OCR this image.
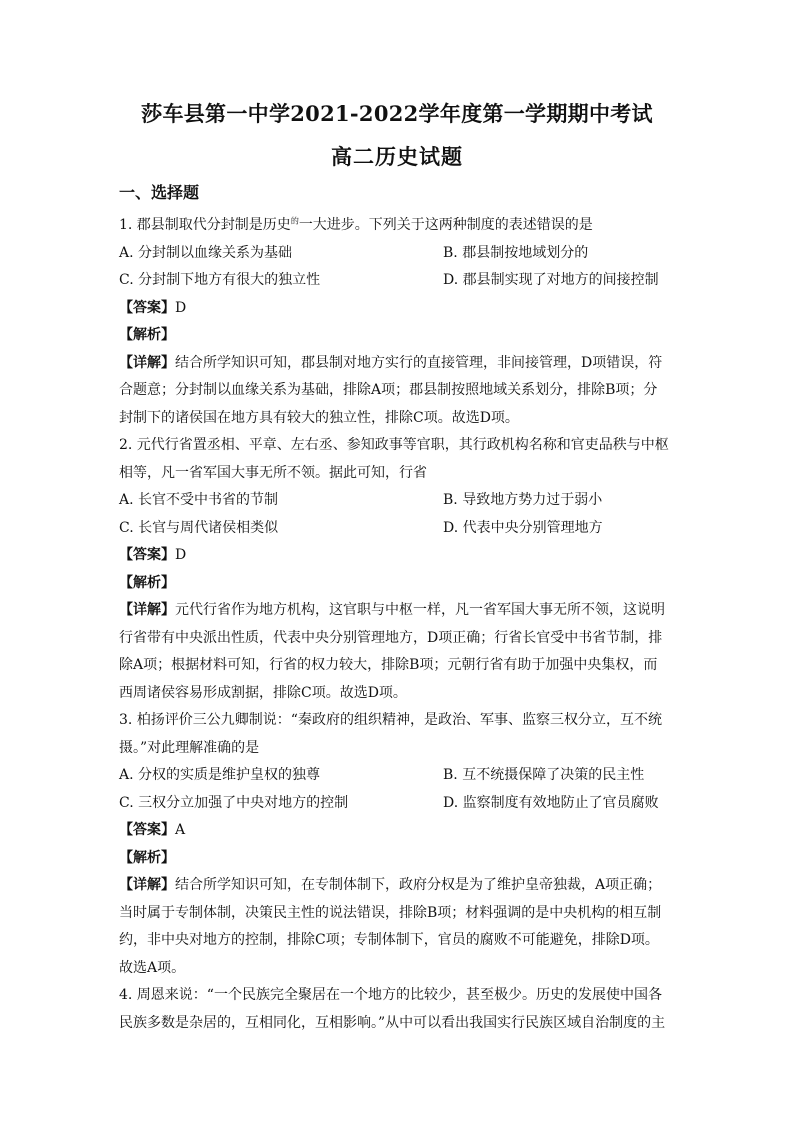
莎车县第一中学2021-2022学年度第一学期期中考试
高二历史试题
一、选择题
1. 郡县制取代分封制是历史$^的$一大进步。下列关于这两种制度的表述错误的是
A. 分封制以血缘关系为基础	B. 郡县制按地域划分的
C. 分封制下地方有很大的独立性	D. 郡县制实现了对地方的间接控制
【答案】D
【解析】
【详解】结合所学知识可知，郡县制对地方实行的直接管理，非间接管理，D项错误，符
合题意；分封制以血缘关系为基础，排除A项；郡县制按照地域关系划分，排除B项；分
封制下的诸侯国在地方具有较大的独立性，排除C项。故选D项。
2. 元代行省置丞相、平章、左右丞、参知政事等官职，其行政机构名称和官吏品秩与中枢
相等，凡一省军国大事无所不领。据此可知，行省
A. 长官不受中书省的节制	B. 导致地方势力过于弱小
C. 长官与周代诸侯相类似	D. 代表中央分别管理地方
【答案】D
【解析】
【详解】元代行省作为地方机构，这官职与中枢一样，凡一省军国大事无所不领，这说明
行省带有中央派出性质，代表中央分别管理地方，D项正确；行省长官受中书省节制，排
除A项；根据材料可知，行省的权力较大，排除B项；元朝行省有助于加强中央集权，而
西周诸侯容易形成割据，排除C项。故选D项。
3. 柏扬评价三公九卿制说：“秦政府的组织精神，是政治、军事、监察三权分立，互不统
摄。”对此理解准确的是
A. 分权的实质是维护皇权的独尊	B. 互不统摄保障了决策的民主性
C. 三权分立加强了中央对地方的控制	D. 监察制度有效地防止了官员腐败
【答案】A
【解析】
【详解】结合所学知识可知，在专制体制下，政府分权是为了维护皇帝独裁，A项正确；
当时属于专制体制，决策民主性的说法错误，排除B项；材料强调的是中央机构的相互制
约，非中央对地方的控制，排除C项；专制体制下，官员的腐败不可能避免，排除D项。
故选A项。
4. 周恩来说：“一个民族完全聚居在一个地方的比较少，甚至极少。历史的发展使中国各
民族多数是杂居的，互相同化，互相影响。”从中可以看出我国实行民族区域自治制度的主
